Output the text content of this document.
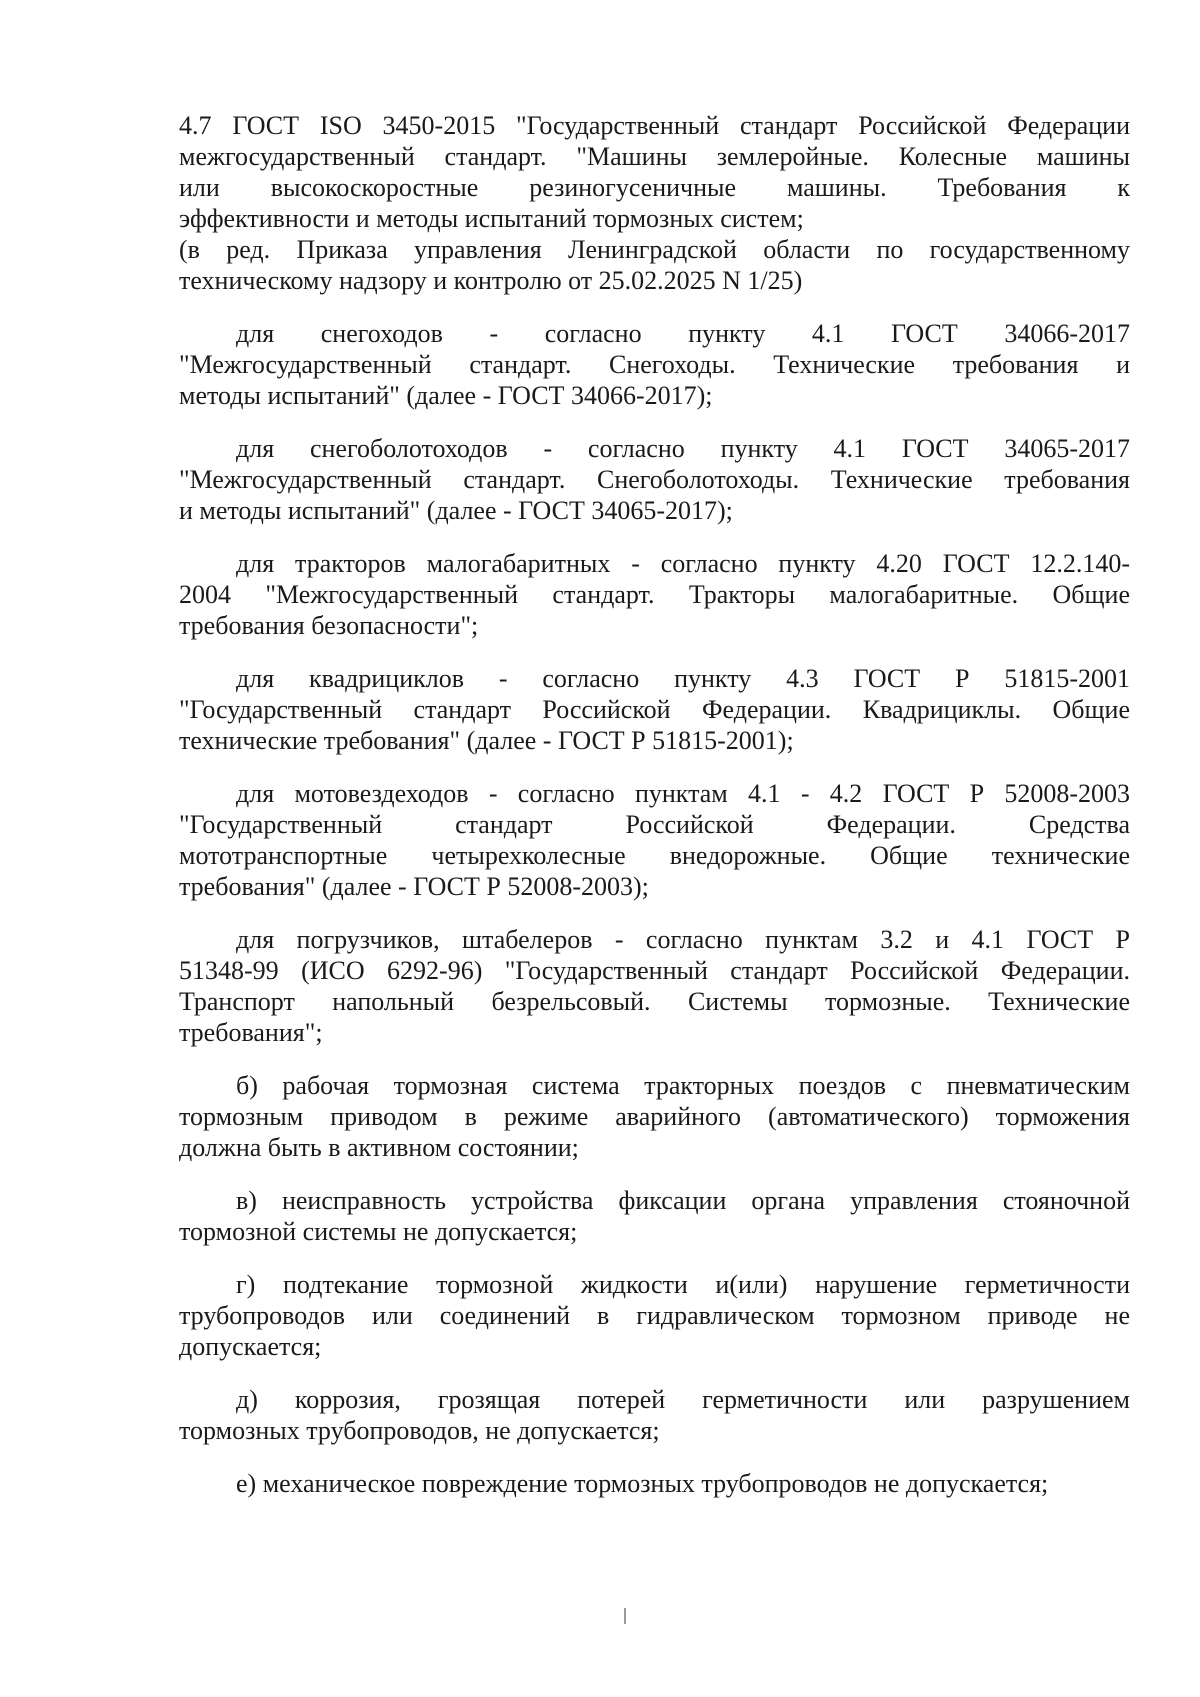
4.7 ГОСТ ISO 3450-2015 "Государственный стандарт Российской Федерации
межгосударственный стандарт. "Машины землеройные. Колесные машины
или высокоскоростные резиногусеничные машины. Требования к
эффективности и методы испытаний тормозных систем;
(в ред. Приказа управления Ленинградской области по государственному
техническому надзору и контролю от 25.02.2025 N 1/25)
для снегоходов - согласно пункту 4.1 ГОСТ 34066-2017
"Межгосударственный стандарт. Снегоходы. Технические требования и
методы испытаний" (далее - ГОСТ 34066-2017);
для снегоболотоходов - согласно пункту 4.1 ГОСТ 34065-2017
"Межгосударственный стандарт. Снегоболотоходы. Технические требования
и методы испытаний" (далее - ГОСТ 34065-2017);
для тракторов малогабаритных - согласно пункту 4.20 ГОСТ 12.2.140-
2004 "Межгосударственный стандарт. Тракторы малогабаритные. Общие
требования безопасности";
для квадрициклов - согласно пункту 4.3 ГОСТ Р 51815-2001
"Государственный стандарт Российской Федерации. Квадрициклы. Общие
технические требования" (далее - ГОСТ Р 51815-2001);
для мотовездеходов - согласно пунктам 4.1 - 4.2 ГОСТ Р 52008-2003
"Государственный стандарт Российской Федерации. Средства
мототранспортные четырехколесные внедорожные. Общие технические
требования" (далее - ГОСТ Р 52008-2003);
для погрузчиков, штабелеров - согласно пунктам 3.2 и 4.1 ГОСТ Р
51348-99 (ИСО 6292-96) "Государственный стандарт Российской Федерации.
Транспорт напольный безрельсовый. Системы тормозные. Технические
требования";
б) рабочая тормозная система тракторных поездов с пневматическим
тормозным приводом в режиме аварийного (автоматического) торможения
должна быть в активном состоянии;
в) неисправность устройства фиксации органа управления стояночной
тормозной системы не допускается;
г) подтекание тормозной жидкости и(или) нарушение герметичности
трубопроводов или соединений в гидравлическом тормозном приводе не
допускается;
д) коррозия, грозящая потерей герметичности или разрушением
тормозных трубопроводов, не допускается;
е) механическое повреждение тормозных трубопроводов не допускается;
